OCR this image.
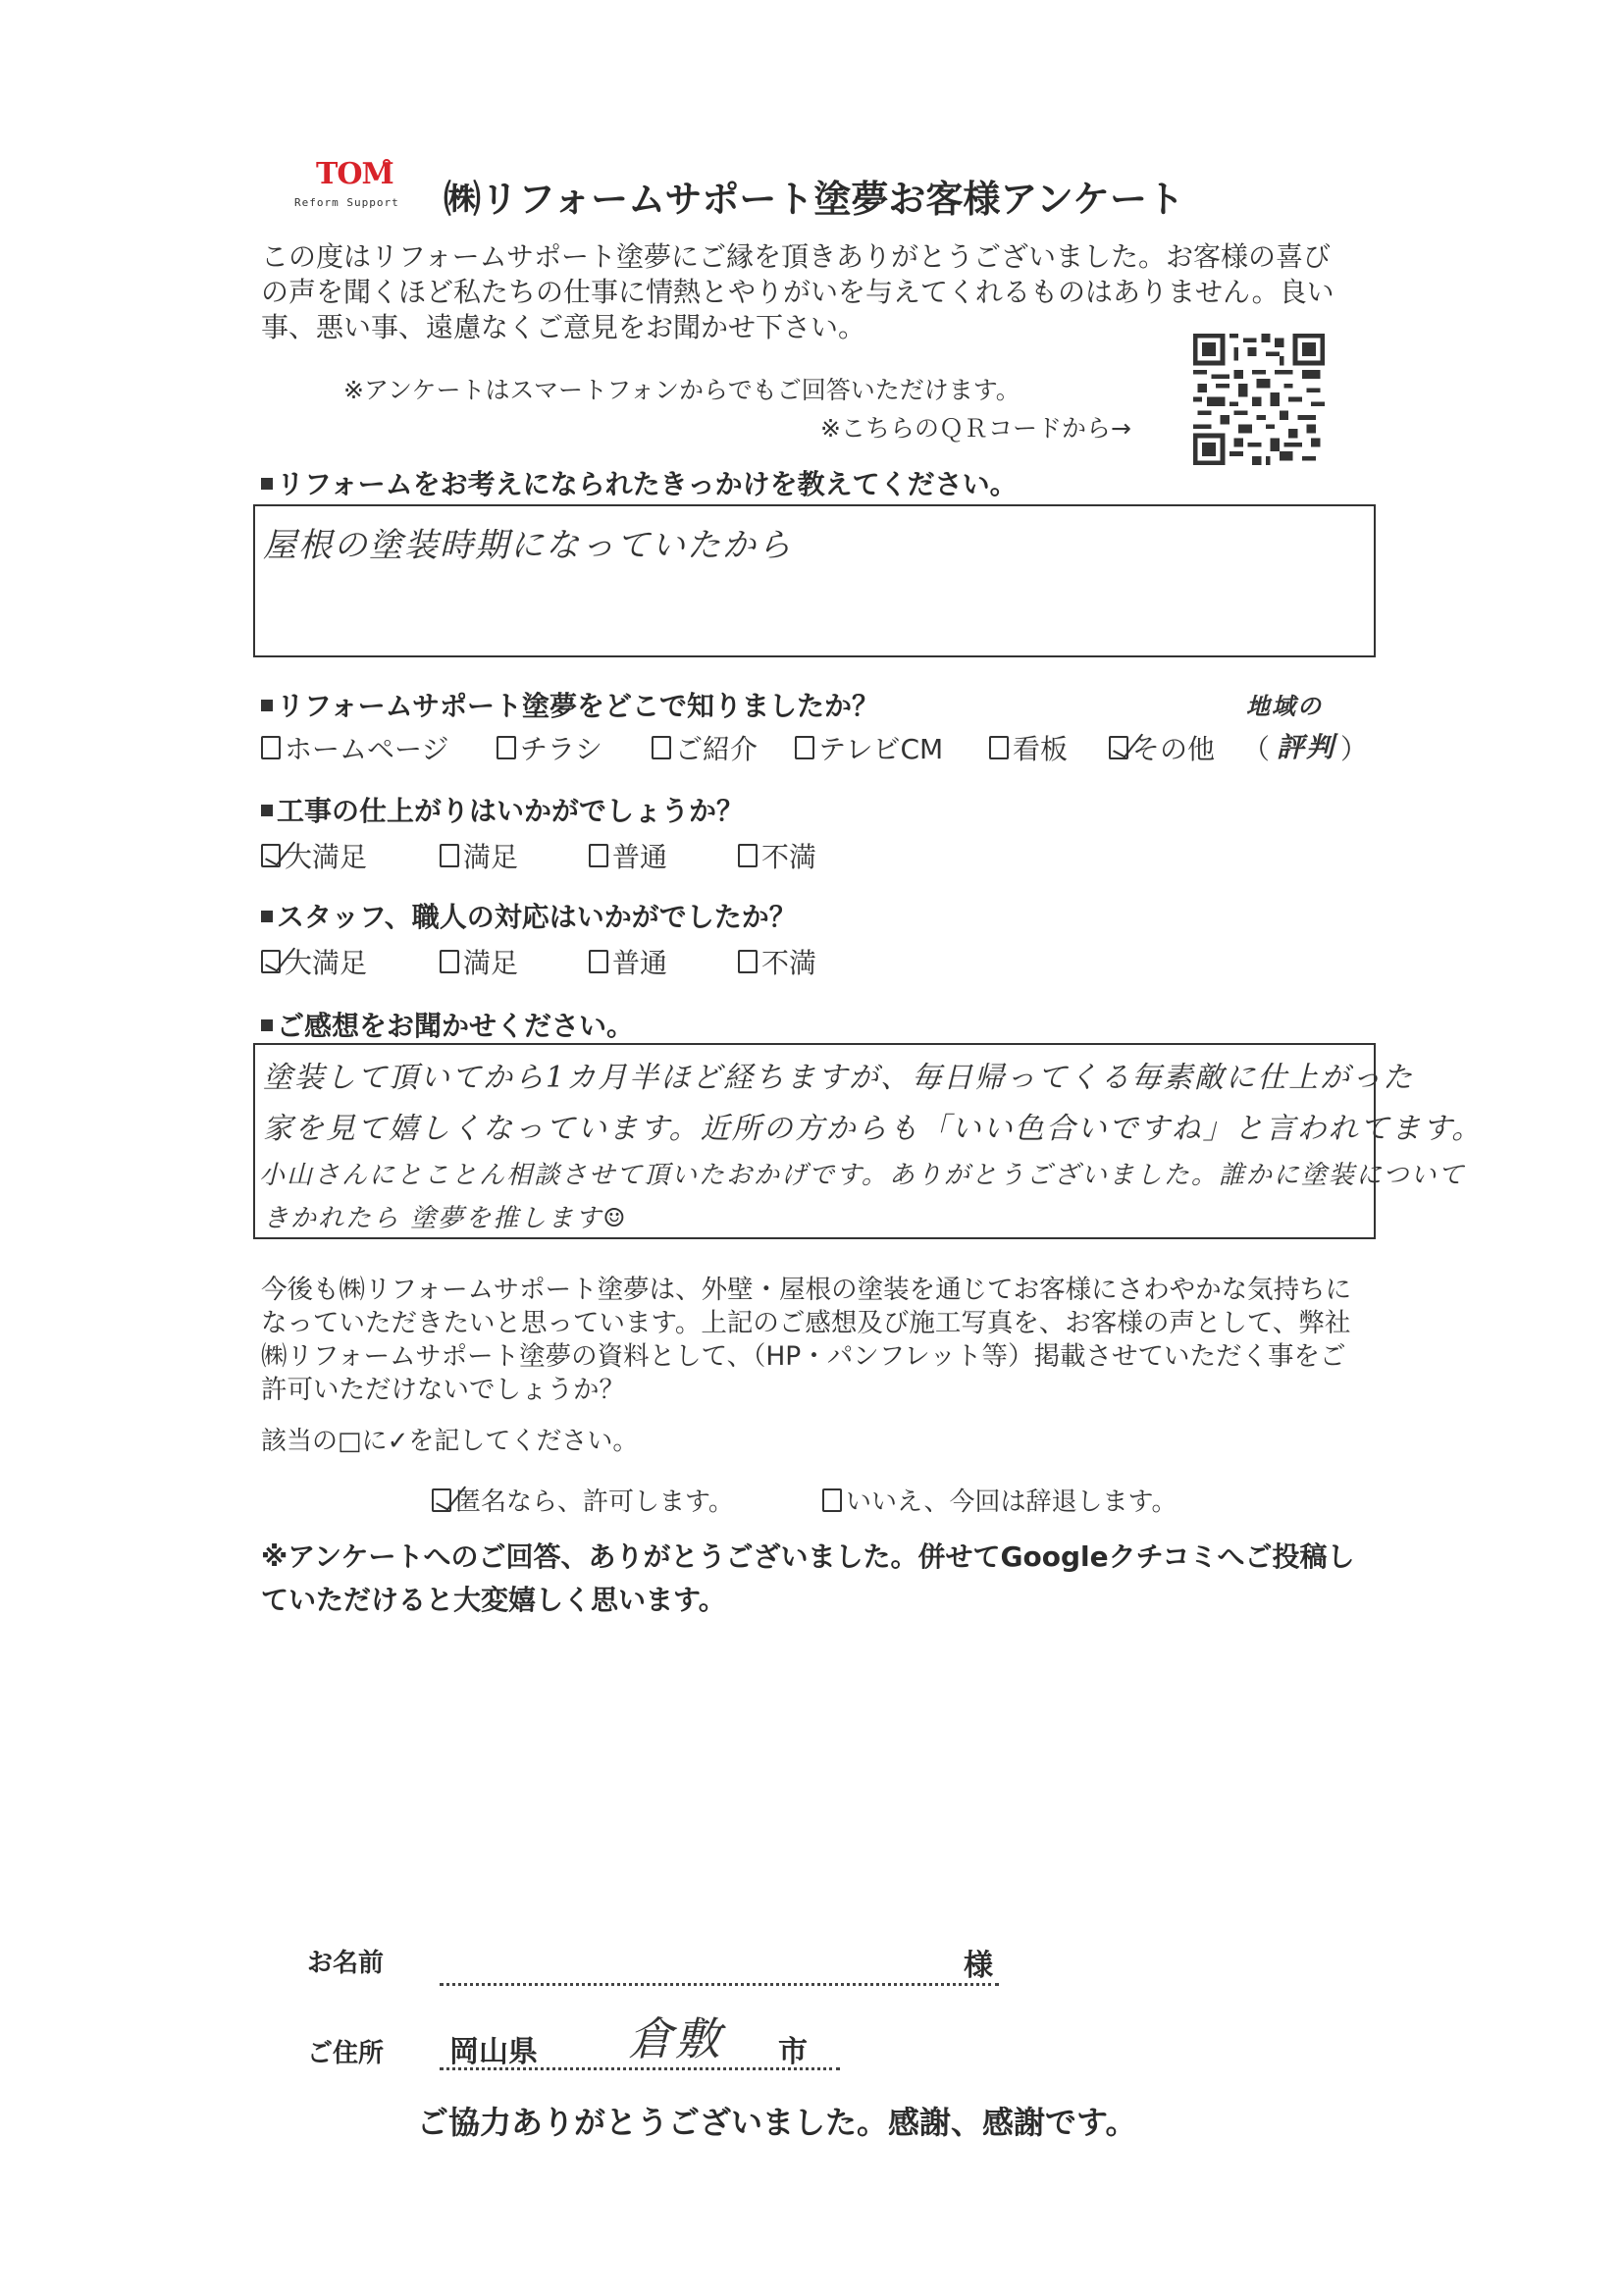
TOM
Reform Support ㈱リフォームサポート塗夢お客様アンケート
この度はリフォームサポート塗夢にご縁を頂きありがとうございました。お客様の喜びの声を聞くほど私たちの仕事に情熱とやりがいを与えてくれるものはありません。良い事、悪い事、遠慮なくご意見をお聞かせ下さい。
※アンケートはスマートフォンからでもご回答いただけます。
※こちらのＱＲコードから→
リフォームをお考えになられたきっかけを教えてください。
屋根の塗装時期になっていたから
リフォームサポート塗夢をどこで知りましたか？
ホームページ	チラシ	ご紹介 テレビCM	看板 その他 （ 評判 ）
地域の
工事の仕上がりはいかがでしょうか？
大満足	満足	普通	不満
スタッフ、職人の対応はいかがでしたか？
大満足	満足	普通	不満
ご感想をお聞かせください。
塗装して頂いてから1カ月半ほど経ちますが、毎日帰ってくる毎素敵に仕上がった
家を見て嬉しくなっています。近所の方からも「いい色合いですね」と言われてます。
小山さんにとことん相談させて頂いたおかげです。ありがとうございました。誰かに塗装について
きかれたら 塗夢を推します☺
今後も㈱リフォームサポート塗夢は、外壁・屋根の塗装を通じてお客様にさわやかな気持ちになっていただきたいと思っています。上記のご感想及び施工写真を、お客様の声として、弊社㈱リフォームサポート塗夢の資料として、（HP・パンフレット等）掲載させていただく事をご許可いただけないでしょうか？
該当の□に✓を記してください。
匿名なら、許可します。	いいえ、今回は辞退します。
※アンケートへのご回答、ありがとうございました。併せてGoogleクチコミへご投稿していただけると大変嬉しく思います。
お名前	様
ご住所 岡山県 倉敷 市
ご協力ありがとうございました。感謝、感謝です。
